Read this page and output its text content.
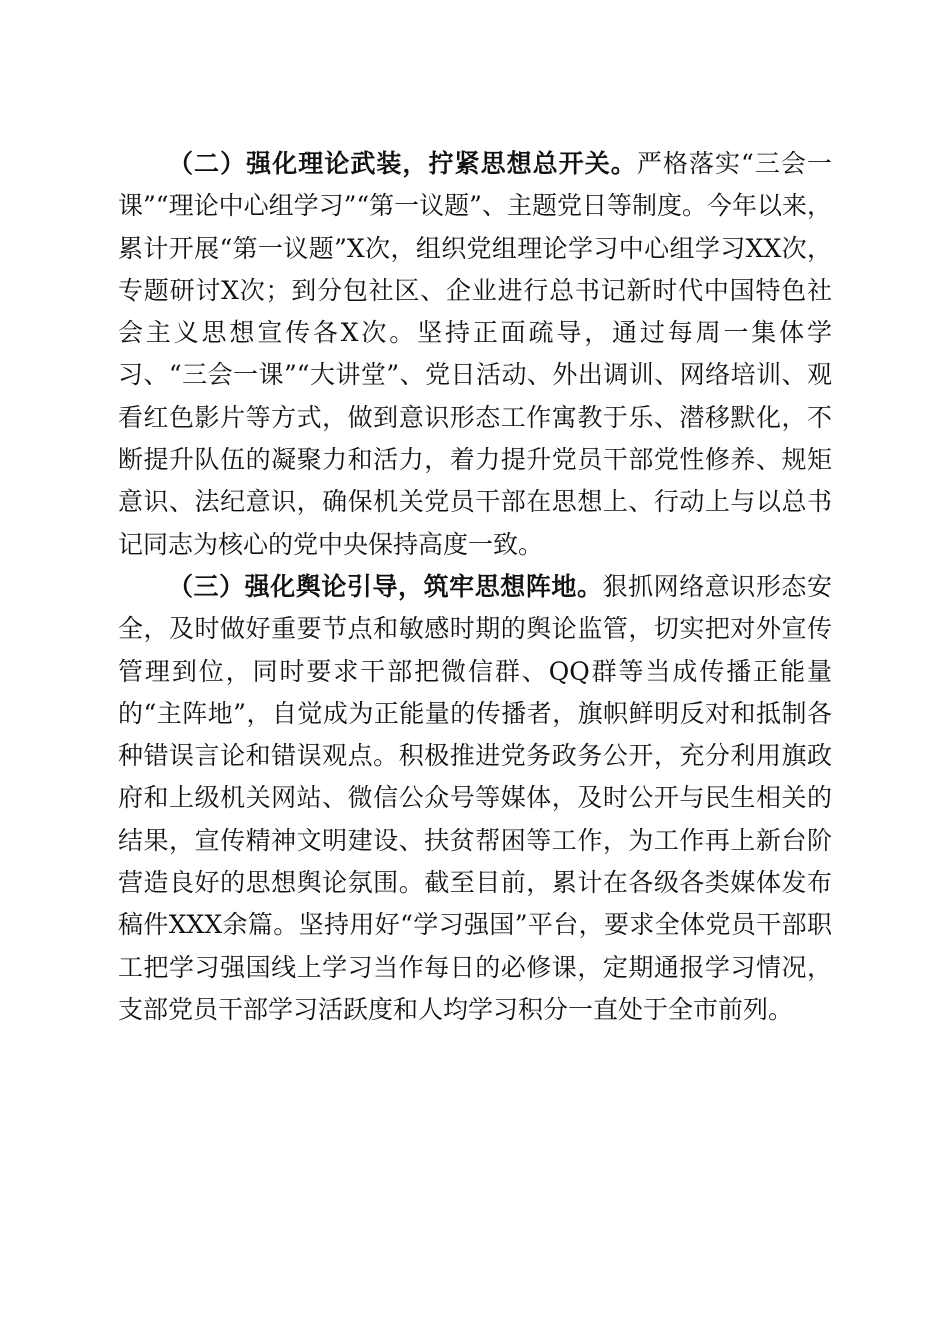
（二）强化理论武装，拧紧思想总开关。严格落实“三会一课”“理论中心组学习”“第一议题”、主题党日等制度。今年以来，累计开展“第一议题”X次，组织党组理论学习中心组学习XX次，专题研讨X次；到分包社区、企业进行总书记新时代中国特色社会主义思想宣传各X次。坚持正面疏导，通过每周一集体学习、“三会一课”“大讲堂”、党日活动、外出调训、网络培训、观看红色影片等方式，做到意识形态工作寓教于乐、潜移默化，不断提升队伍的凝聚力和活力，着力提升党员干部党性修养、规矩意识、法纪意识，确保机关党员干部在思想上、行动上与以总书记同志为核心的党中央保持高度一致。

（三）强化舆论引导，筑牢思想阵地。狠抓网络意识形态安全，及时做好重要节点和敏感时期的舆论监管，切实把对外宣传管理到位，同时要求干部把微信群、QQ群等当成传播正能量的“主阵地”，自觉成为正能量的传播者，旗帜鲜明反对和抵制各种错误言论和错误观点。积极推进党务政务公开，充分利用旗政府和上级机关网站、微信公众号等媒体，及时公开与民生相关的结果，宣传精神文明建设、扶贫帮困等工作，为工作再上新台阶营造良好的思想舆论氛围。截至目前，累计在各级各类媒体发布稿件XXX余篇。坚持用好“学习强国”平台，要求全体党员干部职工把学习强国线上学习当作每日的必修课，定期通报学习情况，支部党员干部学习活跃度和人均学习积分一直处于全市前列。
